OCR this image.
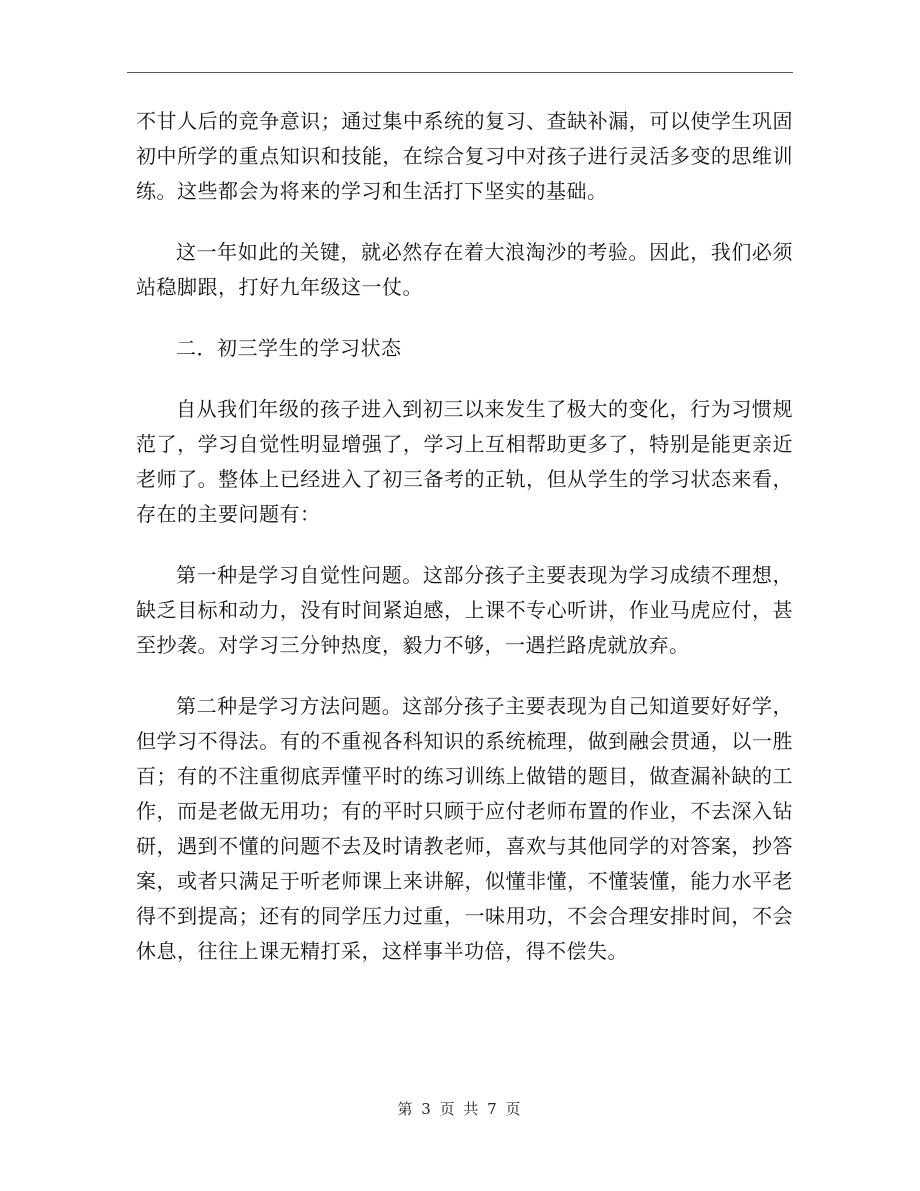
不甘人后的竞争意识；通过集中系统的复习、查缺补漏，可以使学生巩固初中所学的重点知识和技能，在综合复习中对孩子进行灵活多变的思维训练。这些都会为将来的学习和生活打下坚实的基础。

这一年如此的关键，就必然存在着大浪淘沙的考验。因此，我们必须站稳脚跟，打好九年级这一仗。

二．初三学生的学习状态

自从我们年级的孩子进入到初三以来发生了极大的变化，行为习惯规范了，学习自觉性明显增强了，学习上互相帮助更多了，特别是能更亲近老师了。整体上已经进入了初三备考的正轨，但从学生的学习状态来看，存在的主要问题有：

第一种是学习自觉性问题。这部分孩子主要表现为学习成绩不理想，缺乏目标和动力，没有时间紧迫感，上课不专心听讲，作业马虎应付，甚至抄袭。对学习三分钟热度，毅力不够，一遇拦路虎就放弃。

第二种是学习方法问题。这部分孩子主要表现为自己知道要好好学，但学习不得法。有的不重视各科知识的系统梳理，做到融会贯通，以一胜百；有的不注重彻底弄懂平时的练习训练上做错的题目，做查漏补缺的工作，而是老做无用功；有的平时只顾于应付老师布置的作业，不去深入钻研，遇到不懂的问题不去及时请教老师，喜欢与其他同学的对答案，抄答案，或者只满足于听老师课上来讲解，似懂非懂，不懂装懂，能力水平老得不到提高；还有的同学压力过重，一味用功，不会合理安排时间，不会休息，往往上课无精打采，这样事半功倍，得不偿失。

第 3 页 共 7 页
